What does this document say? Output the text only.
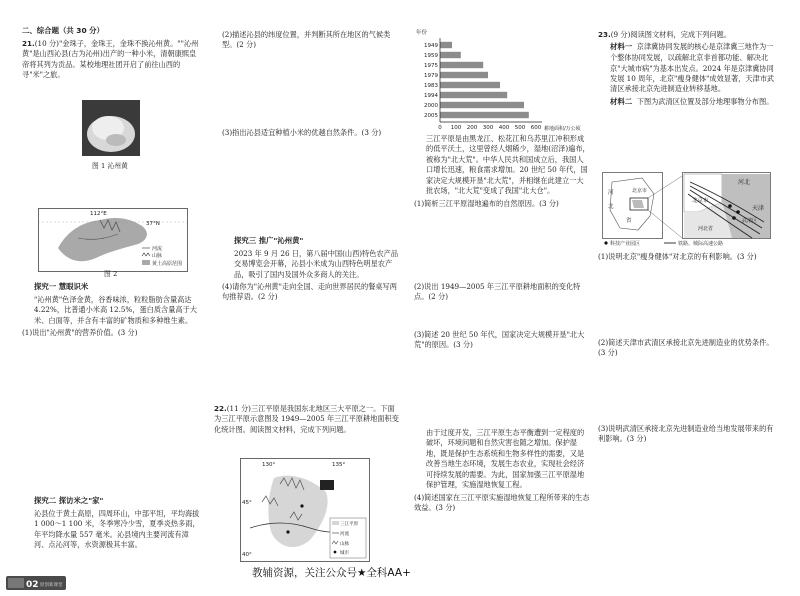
二、综合题（共 30 分）
21.(10 分)"金珠子，金珠王，金珠不换沁州黄。""沁州黄"是山西沁县(古为沁州)出产的一种小米，清朝康熙皇帝将其列为贡品。某校地理社团开启了前往山西的寻"米"之旅。
图 1 沁州黄
112°E
37°N
河流
山脉
黄土高原范围
图 2
探究一 慧眼识米
"沁州黄"色泽金黄，谷香味浓，粒粒脂肪含量高达 4.22%，比普通小米高 12.5%，蛋白质含量高于大米、白面等，并含有丰富的矿物质和多种维生素。
(1)说出"沁州黄"的营养价值。(3 分)
探究二 探访米之"家"
沁县位于黄土高原，四周环山，中部平坦，平均海拔 1 000～1 100 米，冬季寒冷少雪，夏季炎热多雨，年平均降水量 557 毫米。沁县境内主要河流有漳河、点沁河等，水资源极其丰富。
02 原创新课堂
(2)描述沁县的纬度位置，并判断其所在地区的气候类型。(2 分)
(3)指出沁县适宜种植小米的优越自然条件。(3 分)
探究三 推广"沁州黄"
2023 年 9 月 26 日，第八届中国(山西)特色农产品交易博览会开幕，沁县小米成为山西特色明星农产品，吸引了国内及国外众多商人的关注。
(4)请你为"沁州黄"走向全国、走向世界居民的餐桌写两句推荐语。(2 分)
22.(11 分)三江平原是我国东北地区三大平原之一。下面为三江平原示意图及 1949—2005 年三江平原耕地面积变化统计图。阅读图文材料，完成下列问题。
130°	135°
45°
40°
三江平原
河流
山脉
城市
年份
1949
1959
1975
1979
1983
1994
2000
2005
0 100 200 300 400 500 600 耕地面积/万公顷
三江平原是由黑龙江、松花江和乌苏里江冲积形成的低平沃土，这里曾经人烟稀少，湿地(沼泽)遍布，被称为"北大荒"。中华人民共和国成立后，我国人口增长迅速，粮食需求增加。20 世纪 50 年代，国家决定大规模开垦"北大荒"，并相继在此建立一大批农场，"北大荒"变成了我国"北大仓"。
(1)简析三江平原湿地遍布的自然原因。(3 分)
(2)说出 1949—2005 年三江平原耕地面积的变化特点。(2 分)
(3)简述 20 世纪 50 年代，国家决定大规模开垦"北大荒"的原因。(3 分)
由于过度开发，三江平原生态平衡遭到一定程度的破坏，环境问题和自然灾害也随之增加。保护湿地，既是保护生态系统和生物多样性的需要，又是改善当地生态环境，发展生态农业，实现社会经济可持续发展的需要。为此，国家加强三江平原湿地保护管理，实施湿地恢复工程。
(4)简述国家在三江平原实施湿地恢复工程所带来的生态效益。(3 分)
23.(9 分)阅读图文材料，完成下列问题。
材料一 京津冀协同发展的核心是京津冀三地作为一个整体协同发展，以疏解北京非首都功能、解决北京"大城市病"为基本出发点。2024 年是京津冀协同发展 10 周年，北京"瘦身健体"成效显著，天津市武清区承接北京先进制造业转移基地。
材料二 下图为武清区位置及部分地理事物分布图。
河
北
省
北京市
河北
北京市
天津
武清区
河北省
科技产业园区	铁路、城际高速公路
(1)说明北京"瘦身健体"对北京的有利影响。(3 分)
(2)简述天津市武清区承接北京先进制造业的优势条件。(3 分)
(3)说明武清区承接北京先进制造业给当地发展带来的有利影响。(3 分)
教辅资源，关注公众号★全科AA+
